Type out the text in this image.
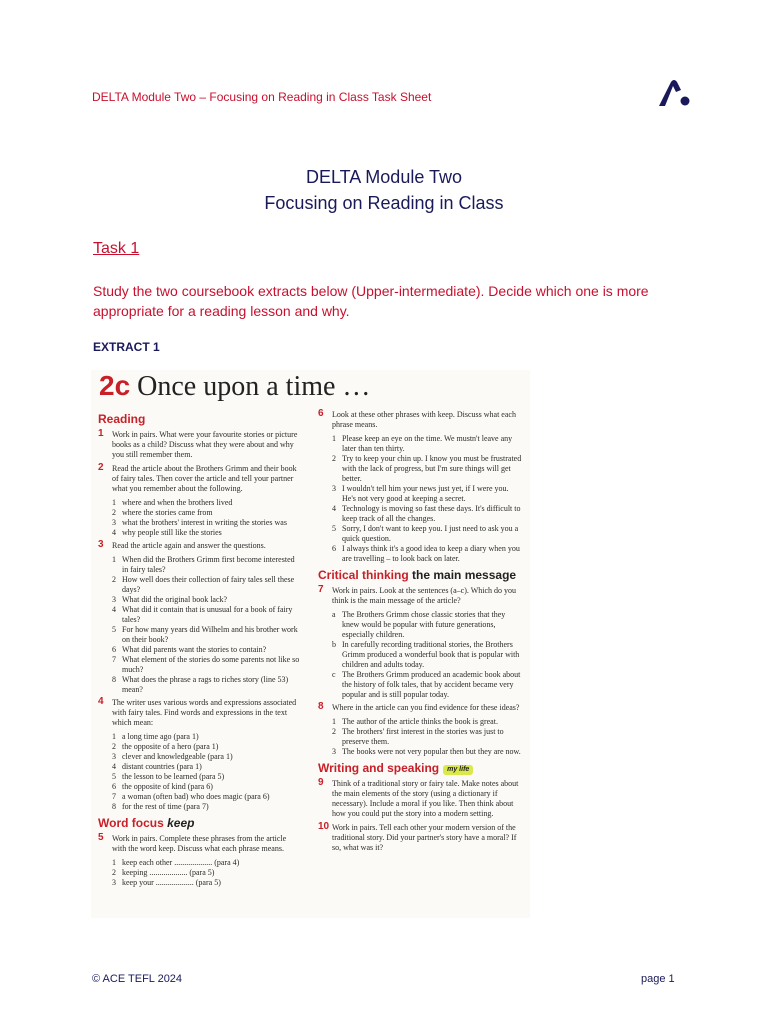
DELTA Module Two – Focusing on Reading in Class Task Sheet
DELTA Module Two
Focusing on Reading in Class
Task 1
Study the two coursebook extracts below (Upper-intermediate). Decide which one is more appropriate for a reading lesson and why.
EXTRACT 1
2c Once upon a time …
Reading
1 Work in pairs. What were your favourite stories or picture books as a child? Discuss what they were about and why you still remember them.
2 Read the article about the Brothers Grimm and their book of fairy tales. Then cover the article and tell your partner what you remember about the following.
1 where and when the brothers lived
2 where the stories came from
3 what the brothers' interest in writing the stories was
4 why people still like the stories
3 Read the article again and answer the questions.
1 When did the Brothers Grimm first become interested in fairy tales?
2 How well does their collection of fairy tales sell these days?
3 What did the original book lack?
4 What did it contain that is unusual for a book of fairy tales?
5 For how many years did Wilhelm and his brother work on their book?
6 What did parents want the stories to contain?
7 What element of the stories do some parents not like so much?
8 What does the phrase a rags to riches story (line 53) mean?
4 The writer uses various words and expressions associated with fairy tales. Find words and expressions in the text which mean:
1 a long time ago (para 1)
2 the opposite of a hero (para 1)
3 clever and knowledgeable (para 1)
4 distant countries (para 1)
5 the lesson to be learned (para 5)
6 the opposite of kind (para 6)
7 a woman (often bad) who does magic (para 6)
8 for the rest of time (para 7)
Word focus keep
5 Work in pairs. Complete these phrases from the article with the word keep. Discuss what each phrase means.
1 keep each other ................... (para 4)
2 keeping ................... (para 5)
3 keep your ................... (para 5)
6 Look at these other phrases with keep. Discuss what each phrase means.
1 Please keep an eye on the time. We mustn't leave any later than ten thirty.
2 Try to keep your chin up. I know you must be frustrated with the lack of progress, but I'm sure things will get better.
3 I wouldn't tell him your news just yet, if I were you. He's not very good at keeping a secret.
4 Technology is moving so fast these days. It's difficult to keep track of all the changes.
5 Sorry, I don't want to keep you. I just need to ask you a quick question.
6 I always think it's a good idea to keep a diary when you are travelling – to look back on later.
Critical thinking the main message
7 Work in pairs. Look at the sentences (a–c). Which do you think is the main message of the article?
a The Brothers Grimm chose classic stories that they knew would be popular with future generations, especially children.
b In carefully recording traditional stories, the Brothers Grimm produced a wonderful book that is popular with children and adults today.
c The Brothers Grimm produced an academic book about the history of folk tales, that by accident became very popular and is still popular today.
8 Where in the article can you find evidence for these ideas?
1 The author of the article thinks the book is great.
2 The brothers' first interest in the stories was just to preserve them.
3 The books were not very popular then but they are now.
Writing and speaking my life
9 Think of a traditional story or fairy tale. Make notes about the main elements of the story (using a dictionary if necessary). Include a moral if you like. Then think about how you could put the story into a modern setting.
10 Work in pairs. Tell each other your modern version of the traditional story. Did your partner's story have a moral? If so, what was it?
© ACE TEFL 2024	page 1
